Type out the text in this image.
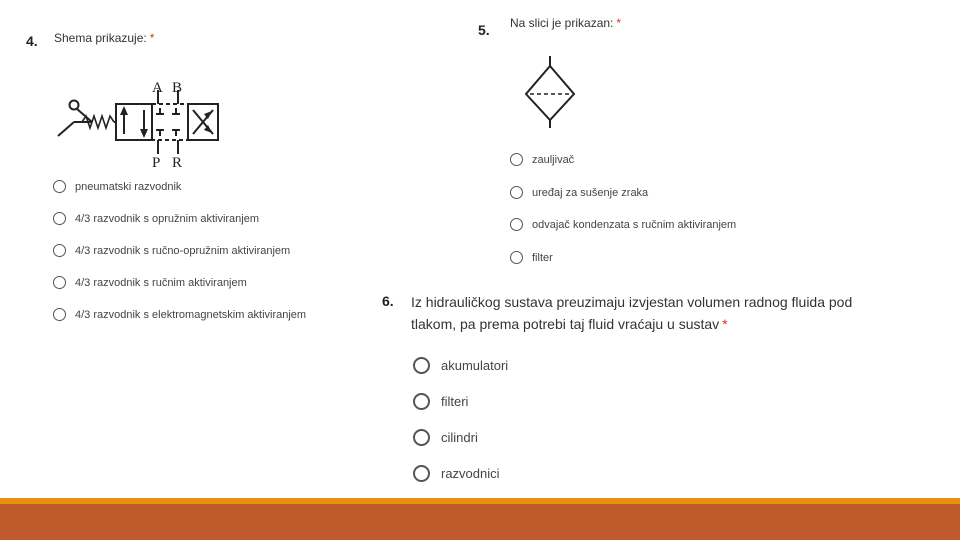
4. Shema prikazuje: *
A B
P R
pneumatski razvodnik
4/3 razvodnik s opružnim aktiviranjem
4/3 razvodnik s ručno-opružnim aktiviranjem
4/3 razvodnik s ručnim aktiviranjem
4/3 razvodnik s elektromagnetskim aktiviranjem
5. Na slici je prikazan: *
zauljivač
uređaj za sušenje zraka
odvajač kondenzata s ručnim aktiviranjem
filter
6. Iz hidrauličkog sustava preuzimaju izvjestan volumen radnog fluida pod tlakom, pa prema potrebi taj fluid vraćaju u sustav *
akumulatori
filteri
cilindri
razvodnici
